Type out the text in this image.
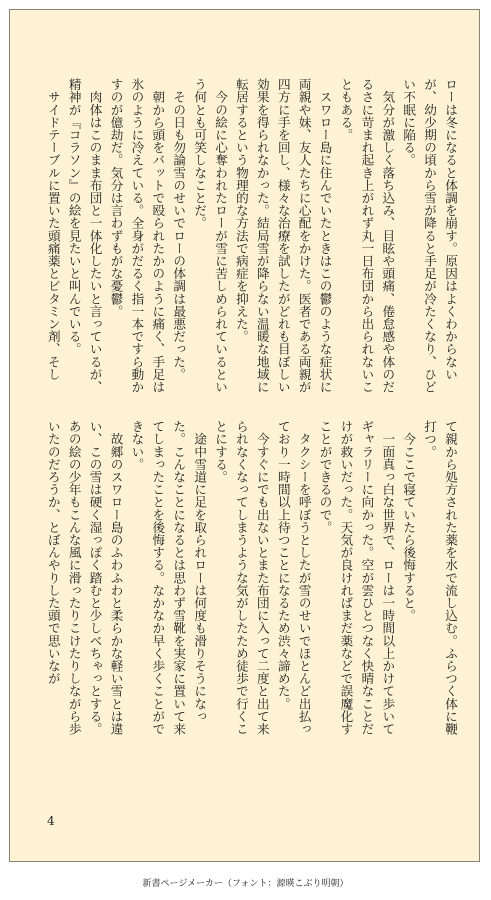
ローは冬になると体調を崩す。原因はよくわからないが、幼少期の頃から雪が降ると手足が冷たくなり、ひどい不眠に陥る。
　気分が激しく落ち込み、目眩や頭痛、倦怠感や体のだるさに苛まれ起き上がれず丸一日布団から出られないこともある。
　スワロー島に住んでいたときはこの鬱のような症状に両親や妹、友人たちに心配をかけた。医者である両親が四方に手を回し、様々な治療を試したがどれも目ぼしい効果を得られなかった。結局雪が降らない温暖な地域に転居するという物理的な方法で病症を抑えた。
　今の絵に心奪われたローが雪に苦しめられているという何とも可笑しなことだ。
　その日も勿論雪のせいでローの体調は最悪だった。
　朝から頭をバットで殴られたかのように痛く、手足は氷のように冷えている。全身がだるく指一本ですら動かすのが億劫だ。気分は言わずもがな憂鬱。
　肉体はこのまま布団と一体化したいと言っているが、精神が『コラソン』の絵を見たいと叫んでいる。
　サイドテーブルに置いた頭痛薬とビタミン剤、そし
て親から処方された薬を水で流し込む。ふらつく体に鞭打つ。
　今ここで寝ていたら後悔すると。
　一面真っ白な世界で、ローは一時間以上かけて歩いてギャラリーに向かった。空が雲ひとつなく快晴なことだけが救いだった。天気が良ければまだ薬などで誤魔化すことができるので。
　タクシーを呼ぼうとしたが雪のせいでほとんど出払っており一時間以上待つことになるため渋々諦めた。
　今すぐにでも出ないとまた布団に入って二度と出て来られなくなってしまうような気がしたため徒歩で行くことにする。
　途中雪道に足を取られローは何度も滑りそうになった。こんなことになるとは思わず雪靴を実家に置いて来てしまったことを後悔する。なかなか早く歩くことができない。
　故郷のスワロー島のふわふわと柔らかな軽い雪とは違い、この雪は硬く湿っぽく踏むと少しべちゃっとする。あの絵の少年もこんな風に滑ったりこけたりしながら歩いたのだろうか、とぼんやりした頭で思いなが
4
新書ページメーカー（フォント：源暎こぶり明朝）
